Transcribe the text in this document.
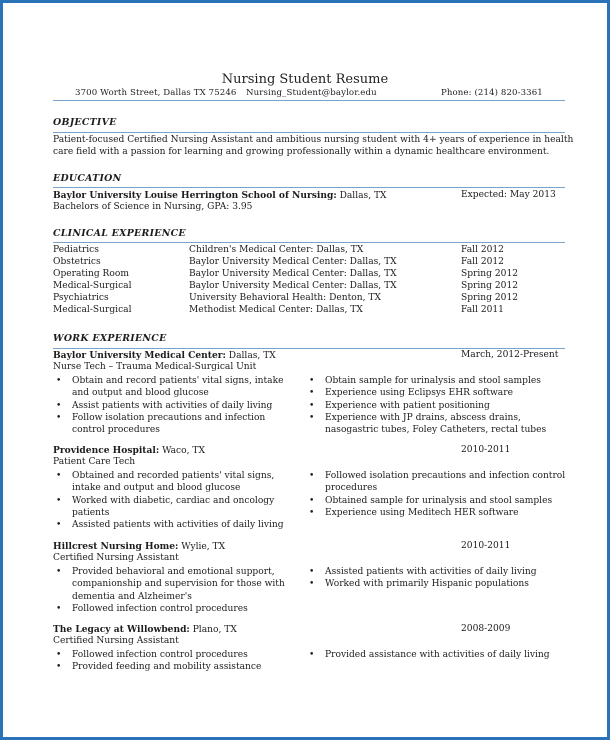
Nursing Student Resume
3700 Worth Street, Dallas TX 75246 Nursing_Student@baylor.edu	Phone: (214) 820-3361
OBJECTIVE
Patient-focused Certified Nursing Assistant and ambitious nursing student with 4+ years of experience in health
care field with a passion for learning and growing professionally within a dynamic healthcare environment.
EDUCATION
Baylor University Louise Herrington School of Nursing: Dallas, TX	Expected: May 2013
Bachelors of Science in Nursing, GPA: 3.95
CLINICAL EXPERIENCE
Pediatrics	Children's Medical Center: Dallas, TX	Fall 2012
Obstetrics	Baylor University Medical Center: Dallas, TX	Fall 2012
Operating Room	Baylor University Medical Center: Dallas, TX	Spring 2012
Medical-Surgical	Baylor University Medical Center: Dallas, TX	Spring 2012
Psychiatrics	University Behavioral Health: Denton, TX	Spring 2012
Medical-Surgical	Methodist Medical Center: Dallas, TX	Fall 2011
WORK EXPERIENCE
Baylor University Medical Center: Dallas, TX	March, 2012-Present
Nurse Tech – Trauma Medical-Surgical Unit
• Obtain and record patients' vital signs, intake and output and blood glucose
• Assist patients with activities of daily living
• Follow isolation precautions and infection control procedures
• Obtain sample for urinalysis and stool samples
• Experience using Eclipsys EHR software
• Experience with patient positioning
• Experience with JP drains, abscess drains, nasogastric tubes, Foley Catheters, rectal tubes
Providence Hospital: Waco, TX	2010-2011
Patient Care Tech
• Obtained and recorded patients' vital signs, intake and output and blood glucose
• Worked with diabetic, cardiac and oncology patients
• Assisted patients with activities of daily living
• Followed isolation precautions and infection control procedures
• Obtained sample for urinalysis and stool samples
• Experience using Meditech HER software
Hillcrest Nursing Home: Wylie, TX	2010-2011
Certified Nursing Assistant
• Provided behavioral and emotional support, companionship and supervision for those with dementia and Alzheimer's
• Followed infection control procedures
• Assisted patients with activities of daily living
• Worked with primarily Hispanic populations
The Legacy at Willowbend: Plano, TX	2008-2009
Certified Nursing Assistant
• Followed infection control procedures
• Provided feeding and mobility assistance
• Provided assistance with activities of daily living
